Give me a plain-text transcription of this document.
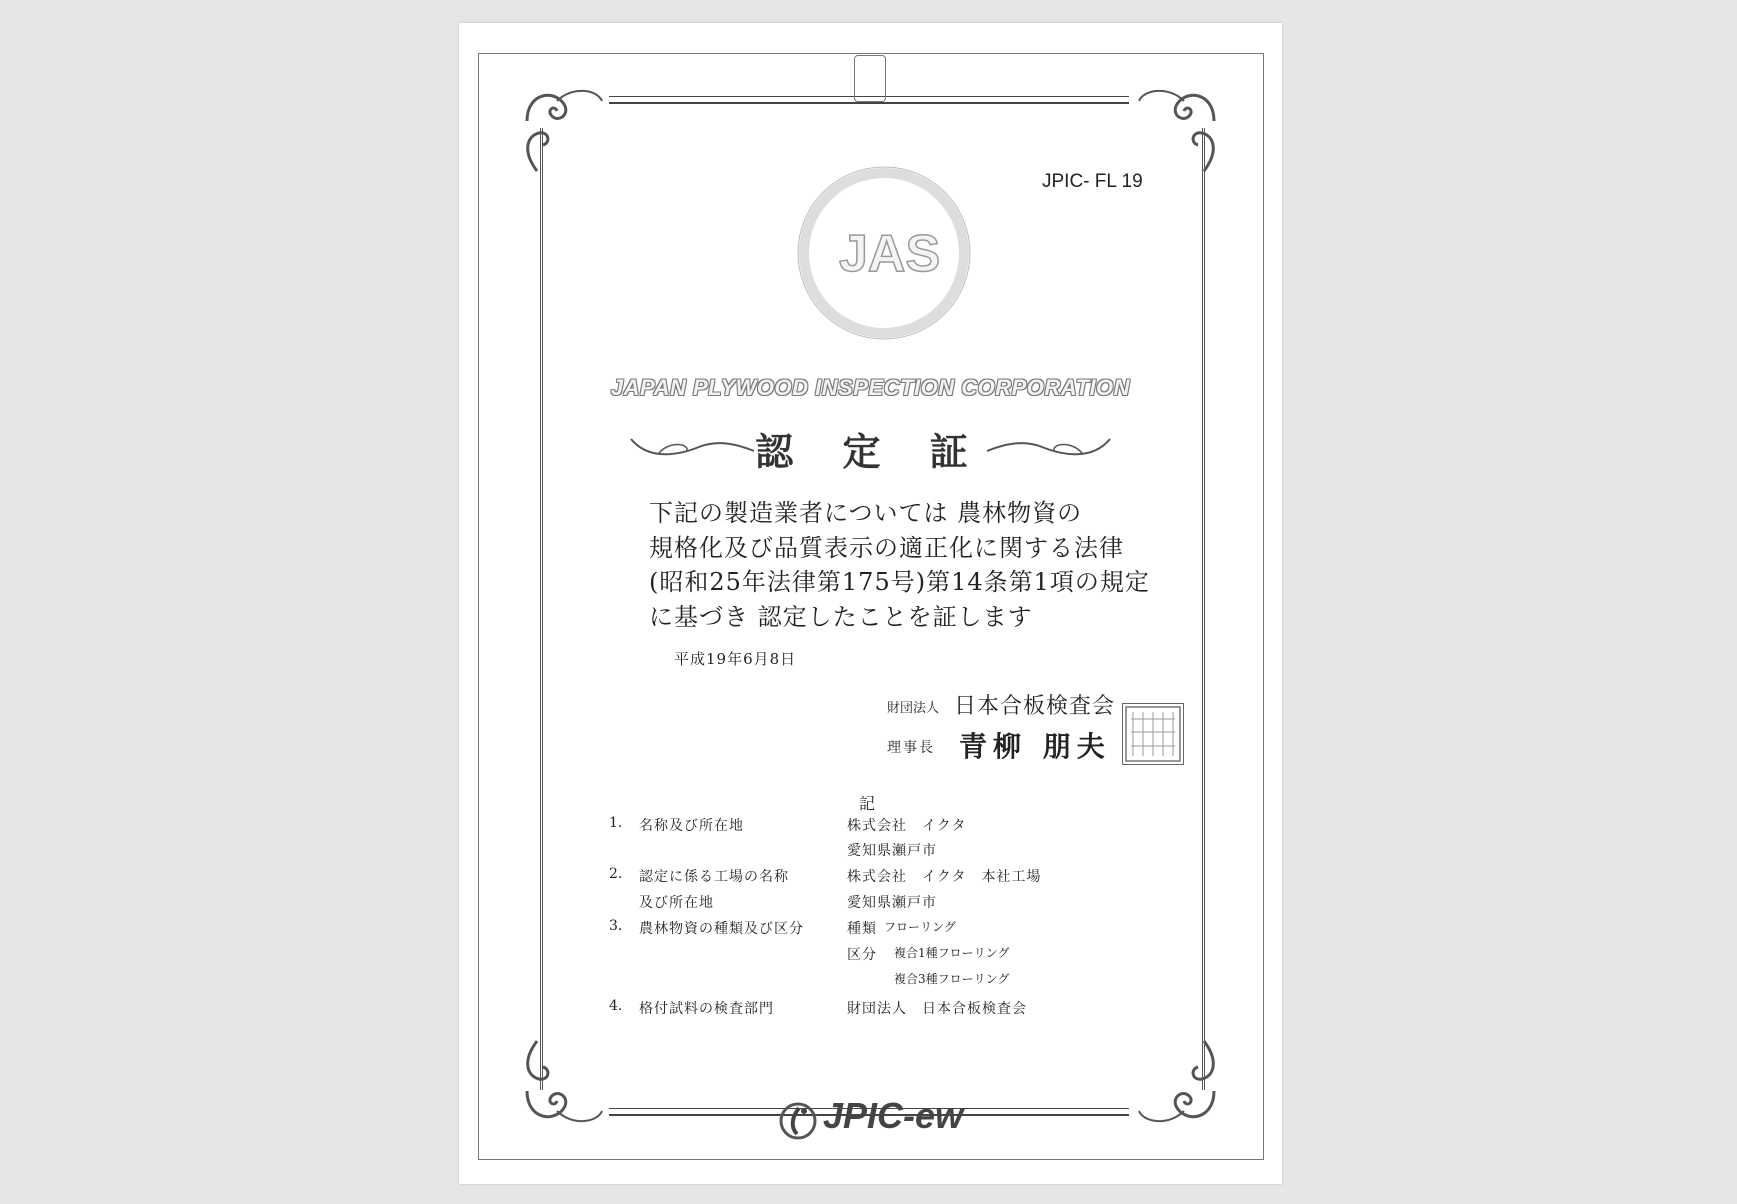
JPIC- FL 19
JAS
JAPAN PLYWOOD INSPECTION CORPORATION
認 定 証
下記の製造業者については 農林物資の
規格化及び品質表示の適正化に関する法律
(昭和25年法律第175号)第14条第1項の規定
に基づき 認定したことを証します
平成19年6月8日
財団法人 日本合板検査会
理事長 青柳 朋夫
記
1. 名称及び所在地	株式会社　イクタ
愛知県瀬戸市
2. 認定に係る工場の名称	株式会社　イクタ　本社工場
及び所在地	愛知県瀬戸市
3. 農林物資の種類及び区分	種類 フローリング
区分 複合1種フローリング
複合3種フローリング
4. 格付試料の検査部門	財団法人　日本合板検査会
JPIC-ew
